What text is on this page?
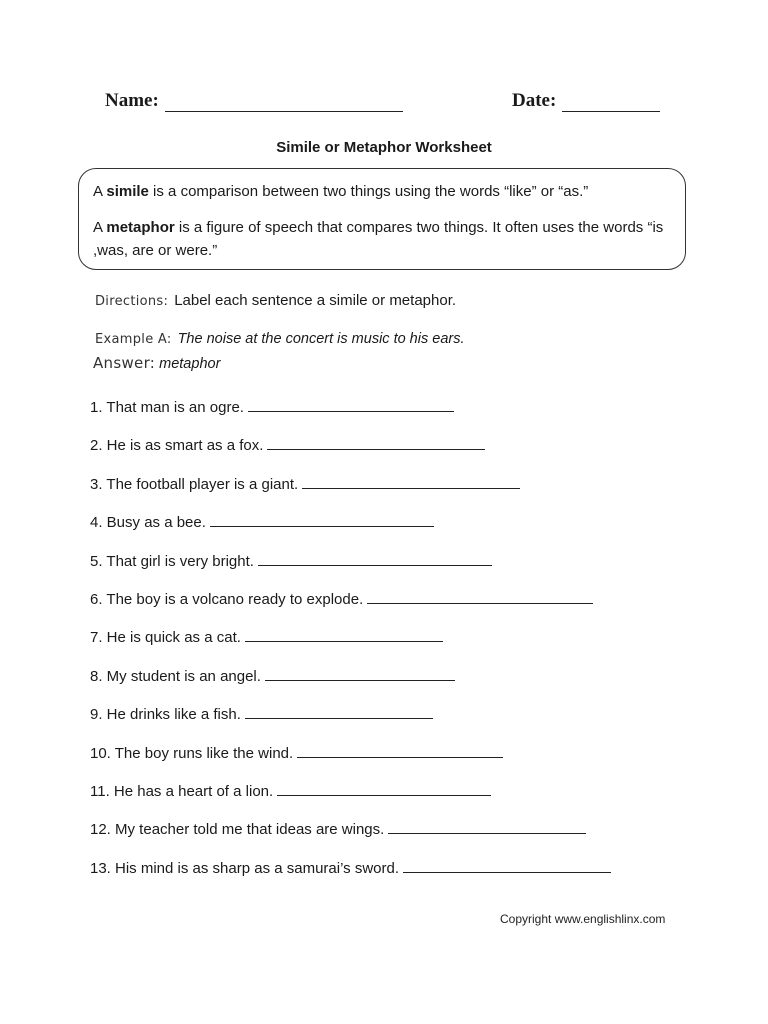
Name:	Date:
Simile or Metaphor Worksheet
A simile is a comparison between two things using the words “like” or “as.”
A metaphor is a figure of speech that compares two things. It often uses the words “is ,was, are or were.”
Directions: Label each sentence a simile or metaphor.
Example A: The noise at the concert is music to his ears.
Answer: metaphor
1. That man is an ogre.
2. He is as smart as a fox.
3. The football player is a giant.
4. Busy as a bee.
5. That girl is very bright.
6. The boy is a volcano ready to explode.
7. He is quick as a cat.
8. My student is an angel.
9. He drinks like a fish.
10. The boy runs like the wind.
11. He has a heart of a lion.
12. My teacher told me that ideas are wings.
13. His mind is as sharp as a samurai’s sword.
Copyright www.englishlinx.com
